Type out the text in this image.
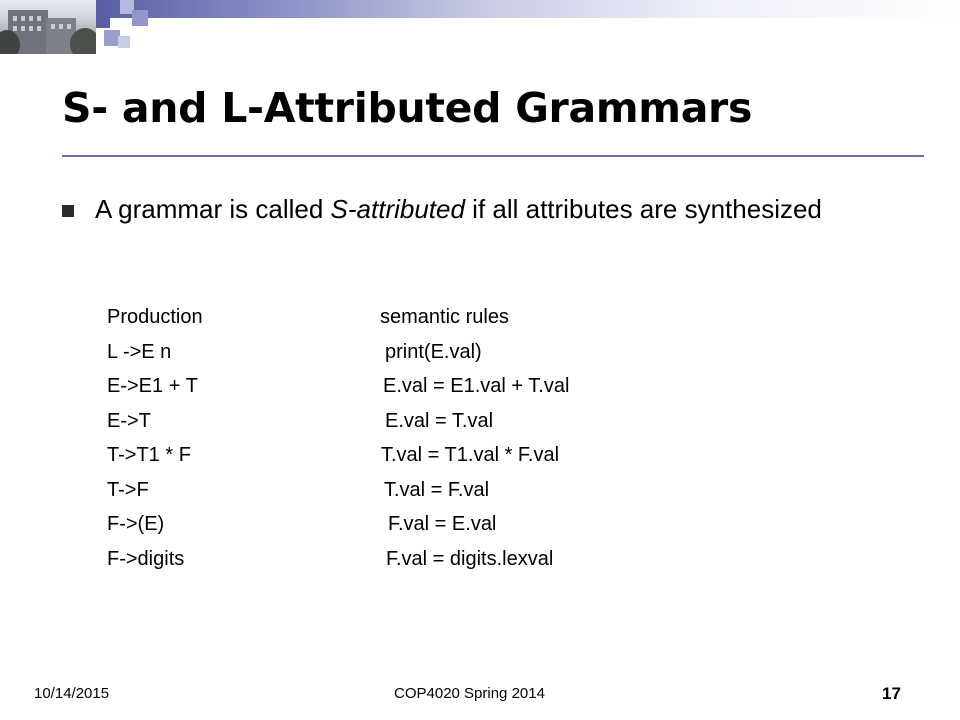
S- and L-Attributed Grammars
A grammar is called S-attributed if all attributes are synthesized
Production	semantic rules
L ->E n	print(E.val)
E->E1 + T	E.val = E1.val + T.val
E->T	E.val = T.val
T->T1 * F	T.val = T1.val * F.val
T->F	T.val = F.val
F->(E)	F.val = E.val
F->digits	F.val = digits.lexval
10/14/2015	COP4020 Spring 2014	17
